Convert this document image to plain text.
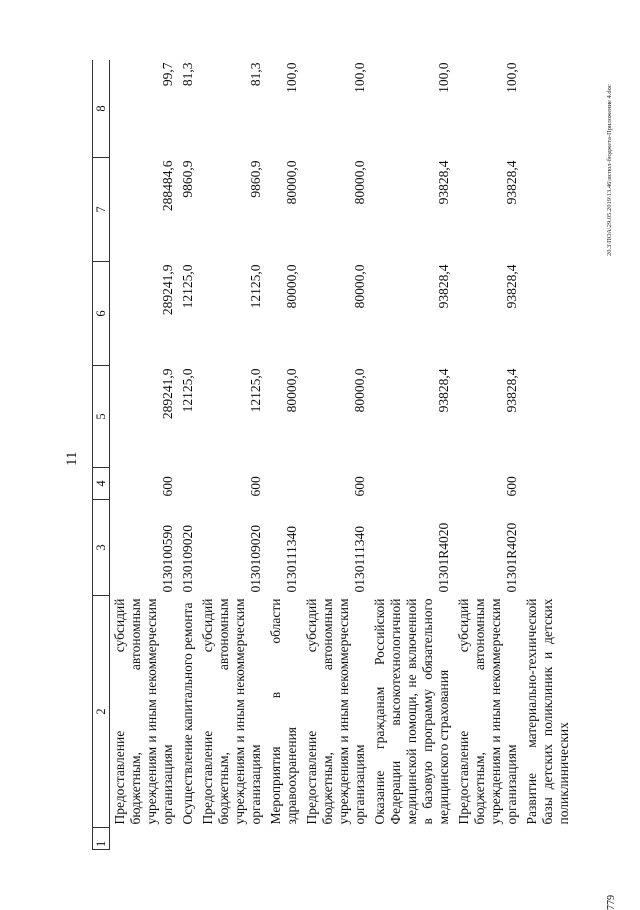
11
20.3\ПОА\29.05.2019\13.46\испол-бюджета-Приложение 4.doc
779
1	2	3	4	5	6	7	8
	Предоставление субсидий бюджетным, автономным учреждениям и иным некоммерческим организациям	0130100590	600	289241,9	289241,9	288484,6	99,7
	Осуществление капитального ремонта	0130109020		12125,0	12125,0	9860,9	81,3
	Предоставление субсидий бюджетным, автономным учреждениям и иным некоммерческим организациям	0130109020	600	12125,0	12125,0	9860,9	81,3
	Мероприятия в области здравоохранения	0130111340		80000,0	80000,0	80000,0	100,0
	Предоставление субсидий бюджетным, автономным учреждениям и иным некоммерческим организациям	0130111340	600	80000,0	80000,0	80000,0	100,0
	Оказание гражданам Российской Федерации высокотехнологичной медицинской помощи, не включенной в базовую программу обязательного медицинского страхования	01301R4020		93828,4	93828,4	93828,4	100,0
	Предоставление субсидий бюджетным, автономным учреждениям и иным некоммерческим организациям	01301R4020	600	93828,4	93828,4	93828,4	100,0
	Развитие материально-технической базы детских поликлиник и детских поликлинических						
